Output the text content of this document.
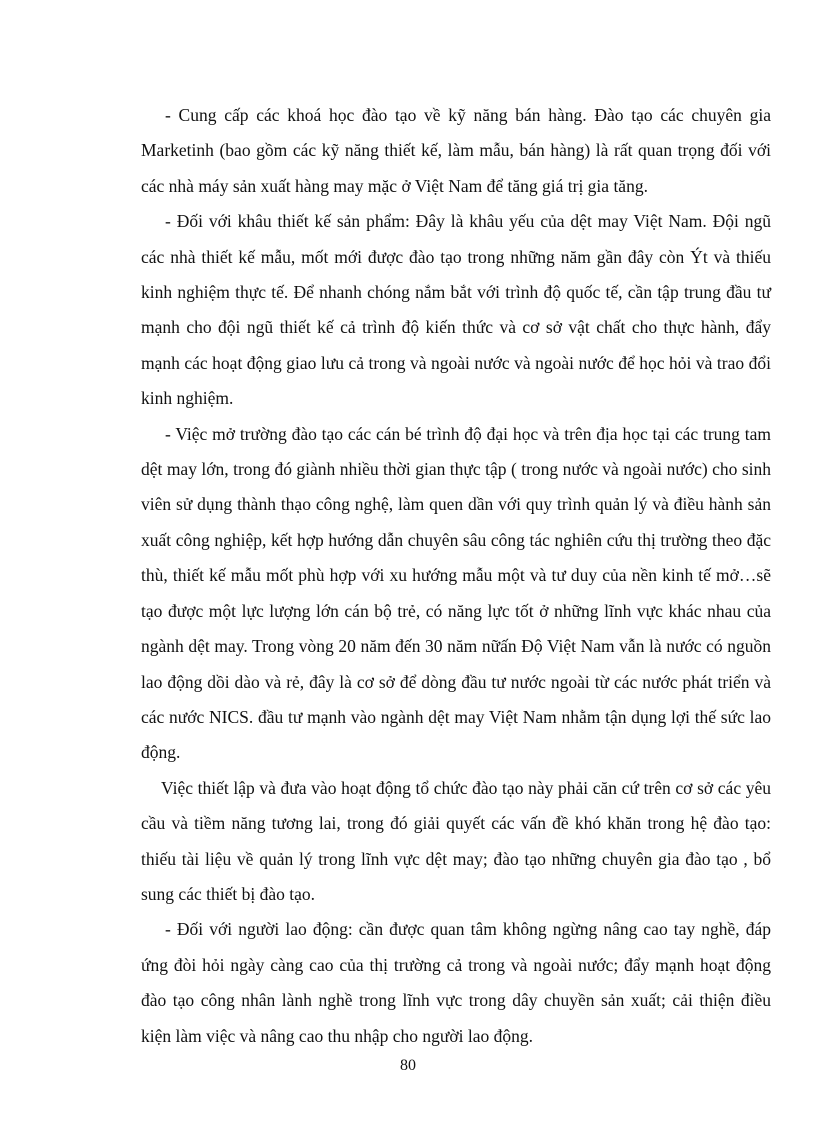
- Cung cấp các khoá học đào tạo về kỹ năng bán hàng. Đào tạo các chuyên gia Marketinh (bao gồm các kỹ năng thiết kế, làm mẫu, bán hàng) là rất quan trọng đối với các nhà máy sản xuất hàng may mặc ở Việt Nam để tăng giá trị gia tăng.

- Đối với khâu thiết kế sản phẩm: Đây là khâu yếu của dệt may Việt Nam. Đội ngũ các nhà thiết kế mẫu, mốt mới được đào tạo trong những năm gần đây còn Ýt và thiếu kinh nghiệm thực tế. Để nhanh chóng nắm bắt với trình độ quốc tế, cần tập trung đầu tư mạnh cho đội ngũ thiết kế cả trình độ kiến thức và cơ sở vật chất cho thực hành, đẩy mạnh các hoạt động giao lưu cả trong và ngoài nước và ngoài nước để học hỏi và trao đổi kinh nghiệm.

- Việc mở trường đào tạo các cán bé trình độ đại học và trên địa học tại các trung tam dệt may lớn, trong đó giành nhiều thời gian thực tập ( trong nước và ngoài nước) cho sinh viên sử dụng thành thạo công nghệ, làm quen dần với quy trình quản lý và điều hành sản xuất công nghiệp, kết hợp hướng dẫn chuyên sâu công tác nghiên cứu thị trường theo đặc thù, thiết kế mẫu mốt phù hợp với xu hướng mẫu một và tư duy của nền kinh tế mở…sẽ tạo được một lực lượng lớn cán bộ trẻ, có năng lực tốt ở những lĩnh vực khác nhau của ngành dệt may. Trong vòng 20 năm đến 30 năm nữấn Độ Việt Nam vẫn là nước có nguồn lao động dồi dào và rẻ, đây là cơ sở để dòng đầu tư nước ngoài từ các nước phát triển và các nước NICS. đầu tư mạnh vào ngành dệt may Việt Nam nhằm tận dụng lợi thế sức lao động.

Việc thiết lập và đưa vào hoạt động tổ chức đào tạo này phải căn cứ trên cơ sở các yêu cầu và tiềm năng tương lai, trong đó giải quyết các vấn đề khó khăn trong hệ đào tạo: thiếu tài liệu về quản lý trong lĩnh vực dệt may; đào tạo những chuyên gia đào tạo , bổ sung các thiết bị đào tạo.

- Đối với người lao động: cần được quan tâm không ngừng nâng cao tay nghề, đáp ứng đòi hỏi ngày càng cao của thị trường cả trong và ngoài nước; đẩy mạnh hoạt động đào tạo công nhân lành nghề trong lĩnh vực trong dây chuyền sản xuất; cải thiện điều kiện làm việc và nâng cao thu nhập cho người lao động.

80
